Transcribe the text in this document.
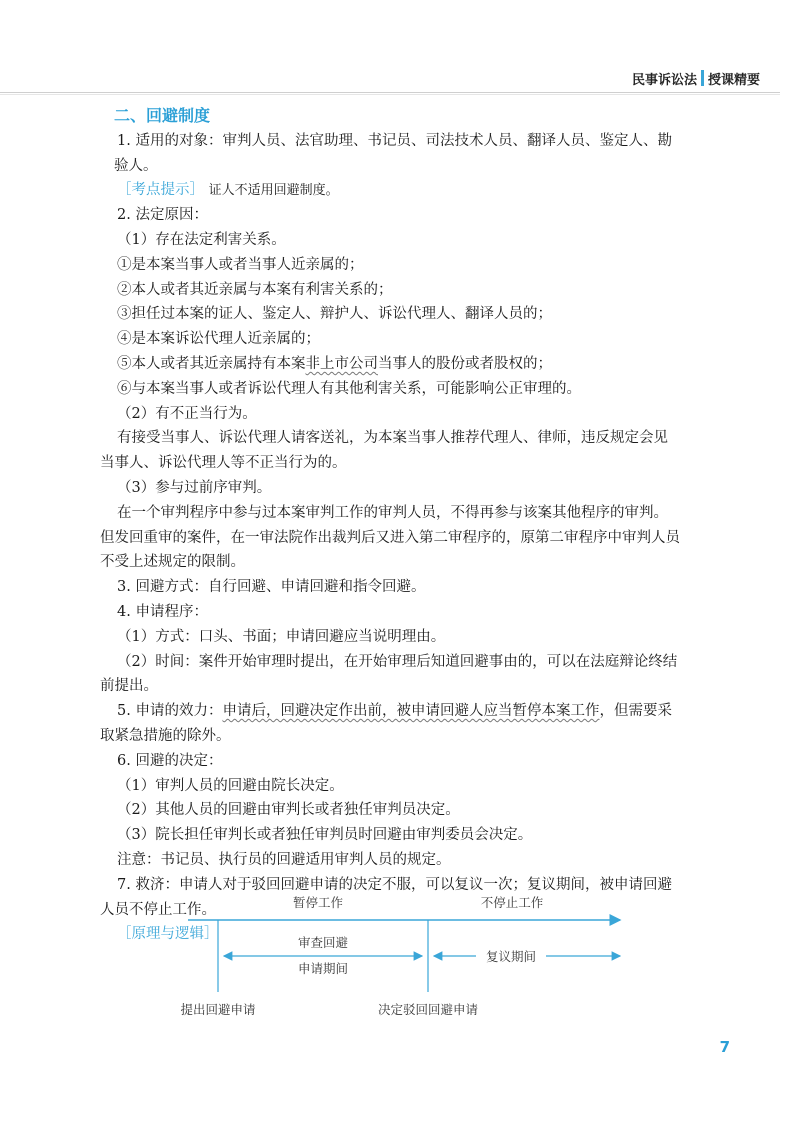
民事诉讼法 授课精要
二、回避制度
1. 适用的对象：审判人员、法官助理、书记员、司法技术人员、翻译人员、鉴定人、勘
验人。
［考点提示］ 证人不适用回避制度。
2. 法定原因：
（1）存在法定利害关系。
①是本案当事人或者当事人近亲属的；
②本人或者其近亲属与本案有利害关系的；
③担任过本案的证人、鉴定人、辩护人、诉讼代理人、翻译人员的；
④是本案诉讼代理人近亲属的；
⑤本人或者其近亲属持有本案非上市公司当事人的股份或者股权的；
⑥与本案当事人或者诉讼代理人有其他利害关系，可能影响公正审理的。
（2）有不正当行为。
有接受当事人、诉讼代理人请客送礼，为本案当事人推荐代理人、律师，违反规定会见
当事人、诉讼代理人等不正当行为的。
（3）参与过前序审判。
在一个审判程序中参与过本案审判工作的审判人员，不得再参与该案其他程序的审判。
但发回重审的案件，在一审法院作出裁判后又进入第二审程序的，原第二审程序中审判人员
不受上述规定的限制。
3. 回避方式：自行回避、申请回避和指令回避。
4. 申请程序：
（1）方式：口头、书面；申请回避应当说明理由。
（2）时间：案件开始审理时提出，在开始审理后知道回避事由的，可以在法庭辩论终结
前提出。
5. 申请的效力：申请后，回避决定作出前，被申请回避人应当暂停本案工作，但需要采
取紧急措施的除外。
6. 回避的决定：
（1）审判人员的回避由院长决定。
（2）其他人员的回避由审判长或者独任审判员决定。
（3）院长担任审判长或者独任审判员时回避由审判委员会决定。
注意：书记员、执行员的回避适用审判人员的规定。
7. 救济：申请人对于驳回回避申请的决定不服，可以复议一次；复议期间，被申请回避
人员不停止工作。
［原理与逻辑］
暂停工作	不停止工作
审查回避
申请期间
复议期间
提出回避申请	决定驳回回避申请
7
